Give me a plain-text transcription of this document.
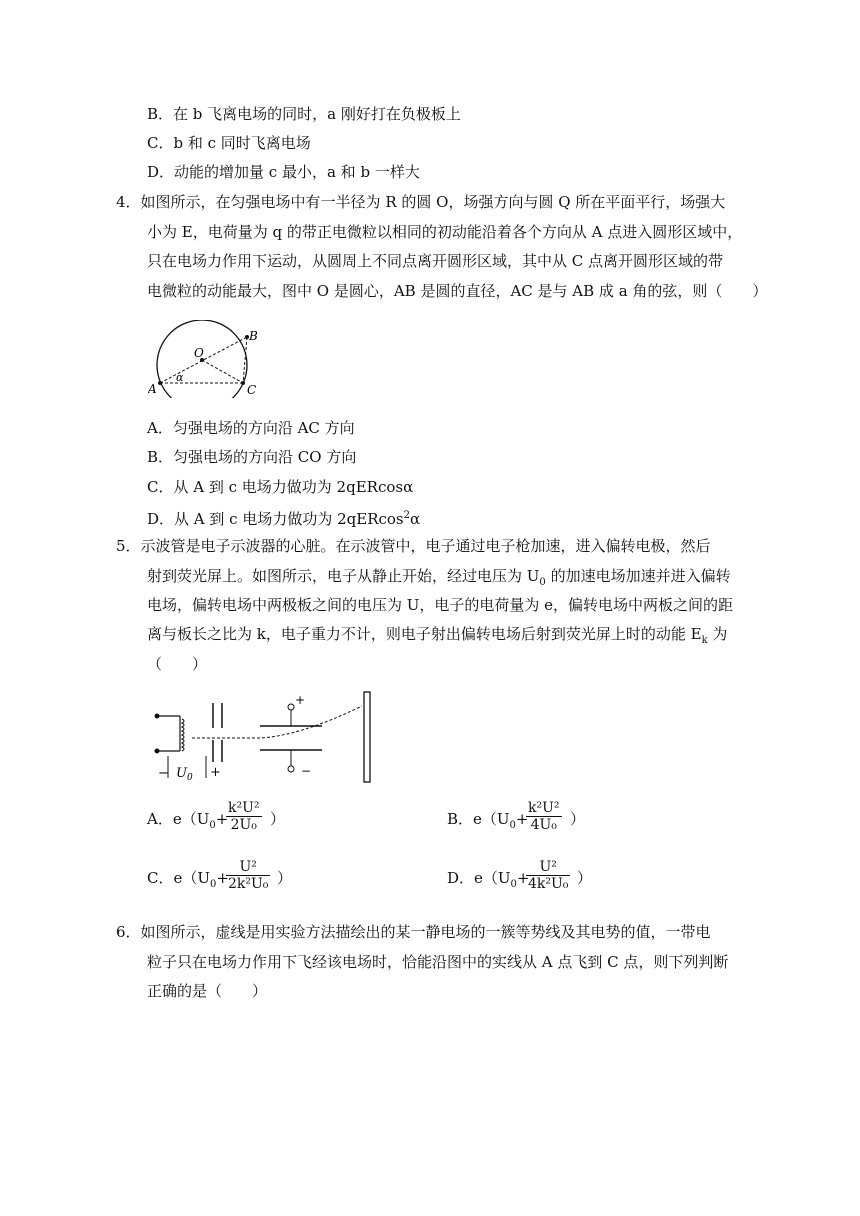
B．在 b 飞离电场的同时，a 刚好打在负极板上
C．b 和 c 同时飞离电场
D．动能的增加量 c 最小，a 和 b 一样大
4．如图所示，在匀强电场中有一半径为 R 的圆 O，场强方向与圆 Q 所在平面平行，场强大
小为 E，电荷量为 q 的带正电微粒以相同的初动能沿着各个方向从 A 点进入圆形区域中，
只在电场力作用下运动，从圆周上不同点离开圆形区域，其中从 C 点离开圆形区域的带
电微粒的动能最大，图中 O 是圆心，AB 是圆的直径，AC 是与 AB 成 a 角的弦，则（　　）
A
B
C
O
α
A．匀强电场的方向沿 AC 方向
B．匀强电场的方向沿 CO 方向
C．从 A 到 c 电场力做功为 2qERcosα
D．从 A 到 c 电场力做功为 2qERcos$^2$α
5．示波管是电子示波器的心脏。在示波管中，电子通过电子枪加速，进入偏转电极，然后
射到荧光屏上。如图所示，电子从静止开始，经过电压为 $U_0$ 的加速电场加速并进入偏转
电场，偏转电场中两极板之间的电压为 U，电子的电荷量为 e，偏转电场中两板之间的距
离与板长之比为 k，电子重力不计，则电子射出偏转电场后射到荧光屏上时的动能 $E_k$ 为
（　　）
− $U_0$ +
+
−
A．$e(U_0+$
$\frac{\text{k²U²}}{\text{2U₀}}$ ）	B．$e(U_0+$
$\frac{\text{k²U²}}{\text{4U₀}}$ ）
C．$e(U_0+$
$\frac{\text{U²}}{\text{2k²U₀}}$ ）	D．$e(U_0+$
$\frac{\text{U²}}{\text{4k²U₀}}$ ）
6．如图所示，虚线是用实验方法描绘出的某一静电场的一簇等势线及其电势的值，一带电
粒子只在电场力作用下飞经该电场时，恰能沿图中的实线从 A 点飞到 C 点，则下列判断
正确的是（　　）
